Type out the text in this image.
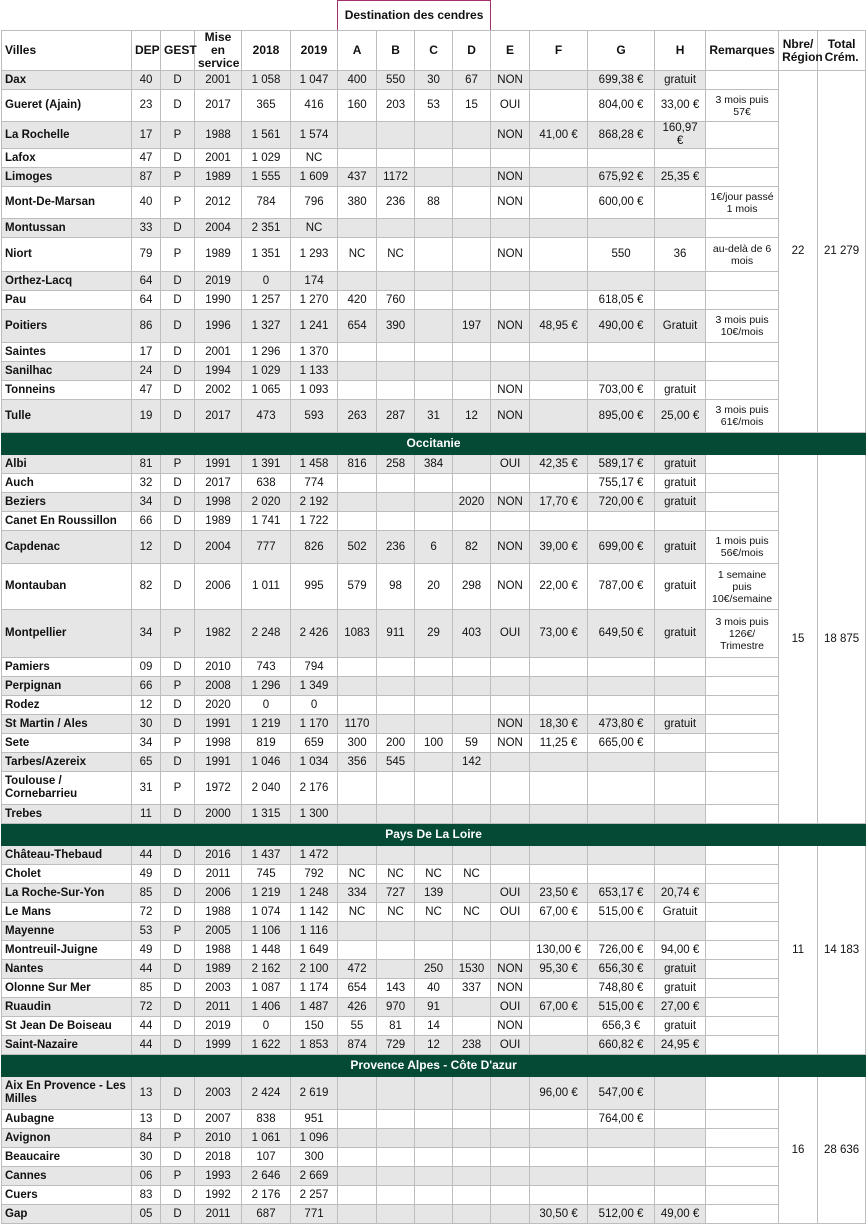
						Destination des cendres										
Villes	DEP	GEST	Mise en service	2018	2019	A	B	C	D	E	F	G	H	Remarques	Nbre/ Région	Total Crém.
Dax	40	D	2001	1 058	1 047	400	550	30	67	NON		699,38 €	gratuit		22	21 279
Gueret (Ajain)	23	D	2017	365	416	160	203	53	15	OUI		804,00 €	33,00 €	3 mois puis 57€		
La Rochelle	17	P	1988	1 561	1 574					NON	41,00 €	868,28 €	160,97 €			
Lafox	47	D	2001	1 029	NC											
Limoges	87	P	1989	1 555	1 609	437	1172			NON		675,92 €	25,35 €			
Mont-De-Marsan	40	P	2012	784	796	380	236	88		NON		600,00 €		1€/jour passé 1 mois		
Montussan	33	D	2004	2 351	NC											
Niort	79	P	1989	1 351	1 293	NC	NC			NON		550	36	au-delà de 6 mois		
Orthez-Lacq	64	D	2019	0	174											
Pau	64	D	1990	1 257	1 270	420	760					618,05 €				
Poitiers	86	D	1996	1 327	1 241	654	390		197	NON	48,95 €	490,00 €	Gratuit	3 mois puis 10€/mois		
Saintes	17	D	2001	1 296	1 370											
Sanilhac	24	D	1994	1 029	1 133											
Tonneins	47	D	2002	1 065	1 093					NON		703,00 €	gratuit			
Tulle	19	D	2017	473	593	263	287	31	12	NON		895,00 €	25,00 €	3 mois puis 61€/mois		
Occitanie																
Albi	81	P	1991	1 391	1 458	816	258	384		OUI	42,35 €	589,17 €	gratuit		15	18 875
Auch	32	D	2017	638	774							755,17 €	gratuit			
Beziers	34	D	1998	2 020	2 192				2020	NON	17,70 €	720,00 €	gratuit			
Canet En Roussillon	66	D	1989	1 741	1 722											
Capdenac	12	D	2004	777	826	502	236	6	82	NON	39,00 €	699,00 €	gratuit	1 mois puis 56€/mois		
Montauban	82	D	2006	1 011	995	579	98	20	298	NON	22,00 €	787,00 €	gratuit	1 semaine puis 10€/semaine		
Montpellier	34	P	1982	2 248	2 426	1083	911	29	403	OUI	73,00 €	649,50 €	gratuit	3 mois puis 126€/ Trimestre		
Pamiers	09	D	2010	743	794											
Perpignan	66	P	2008	1 296	1 349											
Rodez	12	D	2020	0	0											
St Martin / Ales	30	D	1991	1 219	1 170	1170				NON	18,30 €	473,80 €	gratuit			
Sete	34	P	1998	819	659	300	200	100	59	NON	11,25 €	665,00 €				
Tarbes/Azereix	65	D	1991	1 046	1 034	356	545		142							
Toulouse / Cornebarrieu	31	P	1972	2 040	2 176											
Trebes	11	D	2000	1 315	1 300											
Pays De La Loire																
Château-Thebaud	44	D	2016	1 437	1 472										11	14 183
Cholet	49	D	2011	745	792	NC	NC	NC	NC							
La Roche-Sur-Yon	85	D	2006	1 219	1 248	334	727	139		OUI	23,50 €	653,17 €	20,74 €			
Le Mans	72	D	1988	1 074	1 142	NC	NC	NC	NC	OUI	67,00 €	515,00 €	Gratuit			
Mayenne	53	P	2005	1 106	1 116											
Montreuil-Juigne	49	D	1988	1 448	1 649						130,00 €	726,00 €	94,00 €			
Nantes	44	D	1989	2 162	2 100	472		250	1530	NON	95,30 €	656,30 €	gratuit			
Olonne Sur Mer	85	D	2003	1 087	1 174	654	143	40	337	NON		748,80 €	gratuit			
Ruaudin	72	D	2011	1 406	1 487	426	970	91		OUI	67,00 €	515,00 €	27,00 €			
St Jean De Boiseau	44	D	2019	0	150	55	81	14		NON		656,3 €	gratuit			
Saint-Nazaire	44	D	1999	1 622	1 853	874	729	12	238	OUI		660,82 €	24,95 €			
Provence Alpes - Côte D'azur																
Aix En Provence - Les Milles	13	D	2003	2 424	2 619						96,00 €	547,00 €			16	28 636
Aubagne	13	D	2007	838	951							764,00 €				
Avignon	84	P	2010	1 061	1 096											
Beaucaire	30	D	2018	107	300											
Cannes	06	P	1993	2 646	2 669											
Cuers	83	D	1992	2 176	2 257											
Gap	05	D	2011	687	771						30,50 €	512,00 €	49,00 €			
